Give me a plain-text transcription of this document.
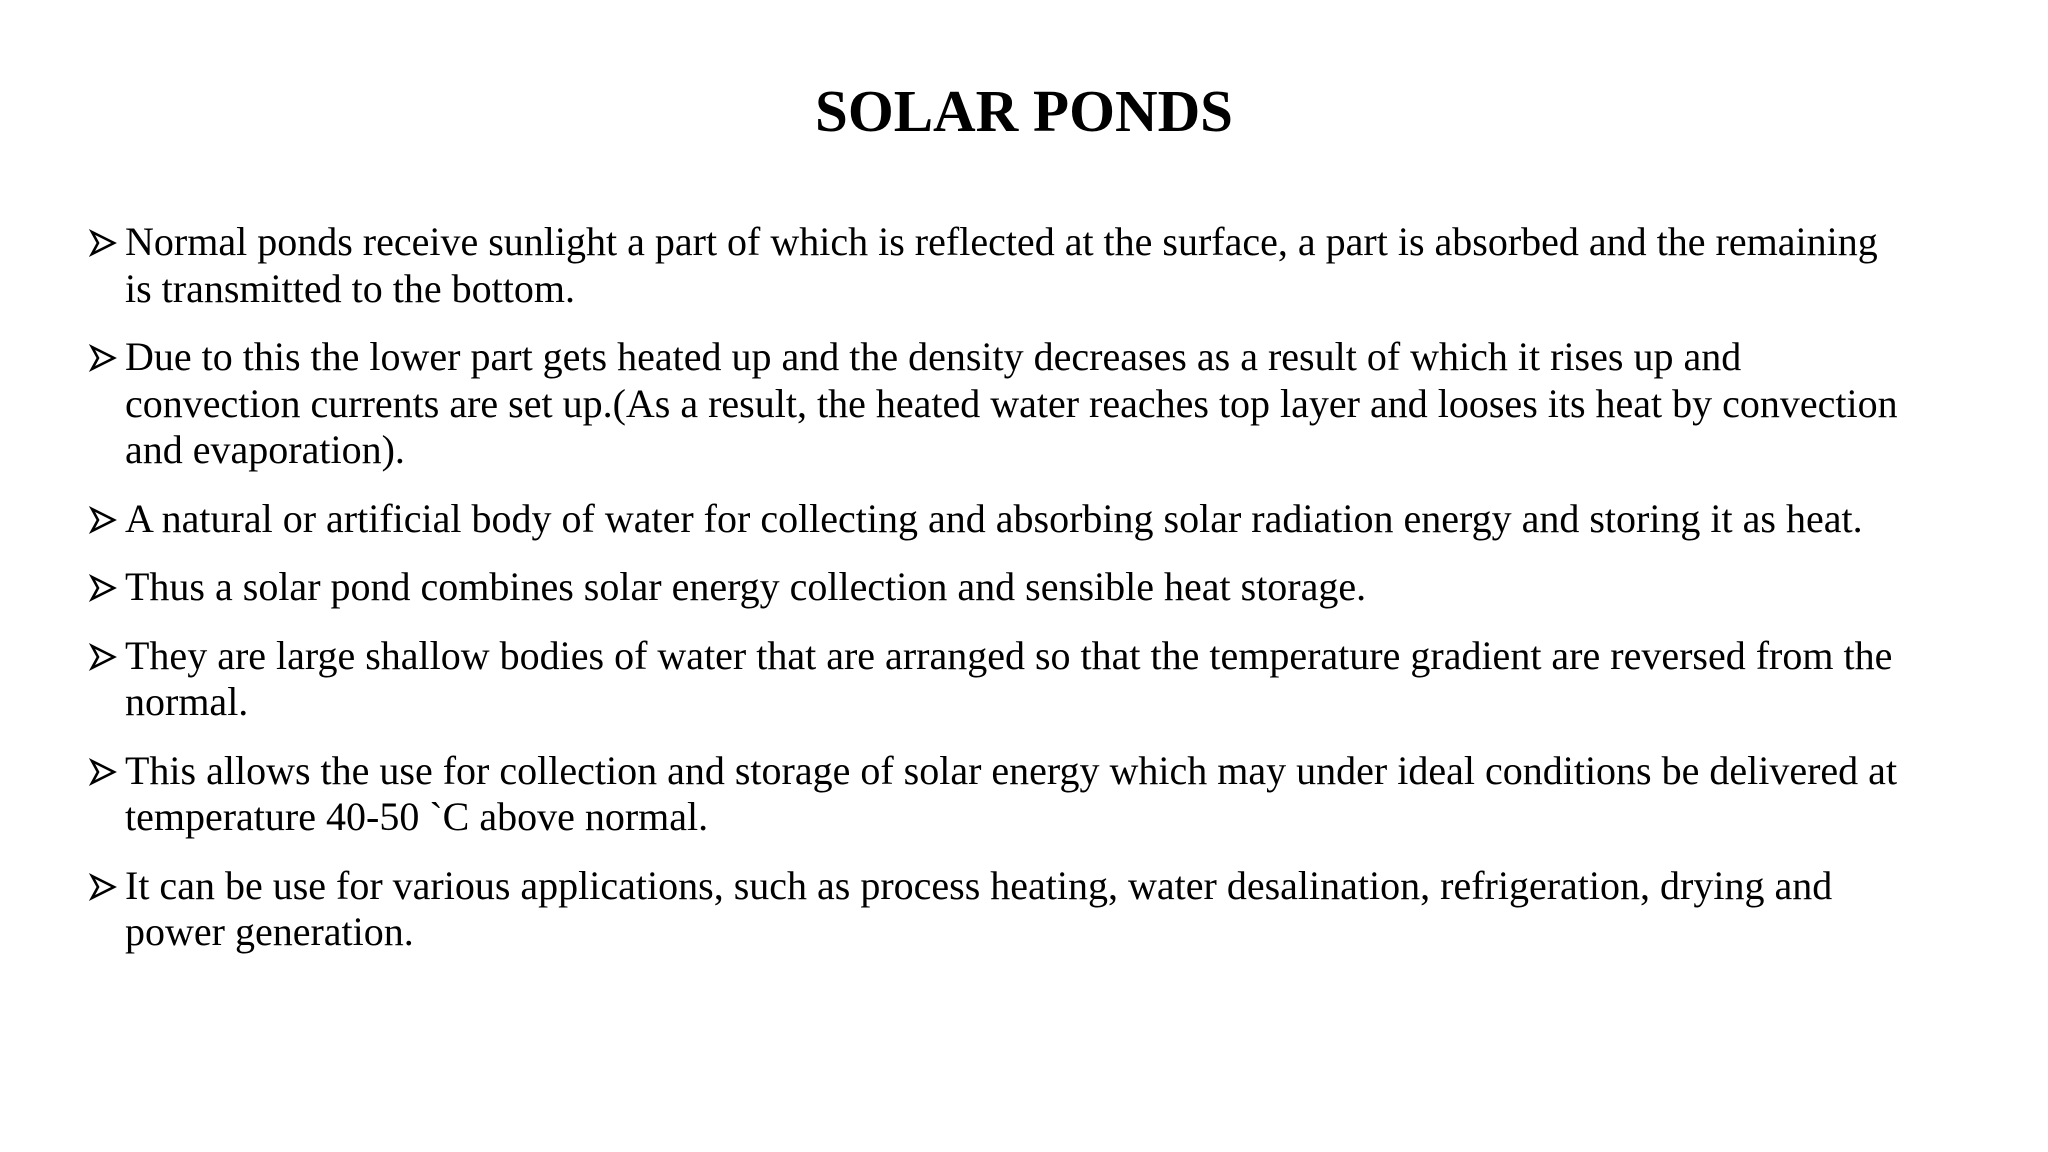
SOLAR PONDS
Normal ponds receive sunlight a part of which is reflected at the surface, a part is absorbed and the remaining is transmitted to the bottom.
Due to this the lower part gets heated up and the density decreases as a result of which it rises up and convection currents are set up.(As a result, the heated water reaches top layer and looses its heat by convection and evaporation).
A natural or artificial body of water for collecting and absorbing solar radiation energy and storing it as heat.
Thus a solar pond combines solar energy collection and sensible heat storage.
They are large shallow bodies of water that are arranged so that the temperature gradient are reversed from the normal.
This allows the use for collection and storage of solar energy which may under ideal conditions be delivered at temperature 40-50 `C above normal.
It can be use for various applications, such as process heating, water desalination, refrigeration, drying and power generation.
